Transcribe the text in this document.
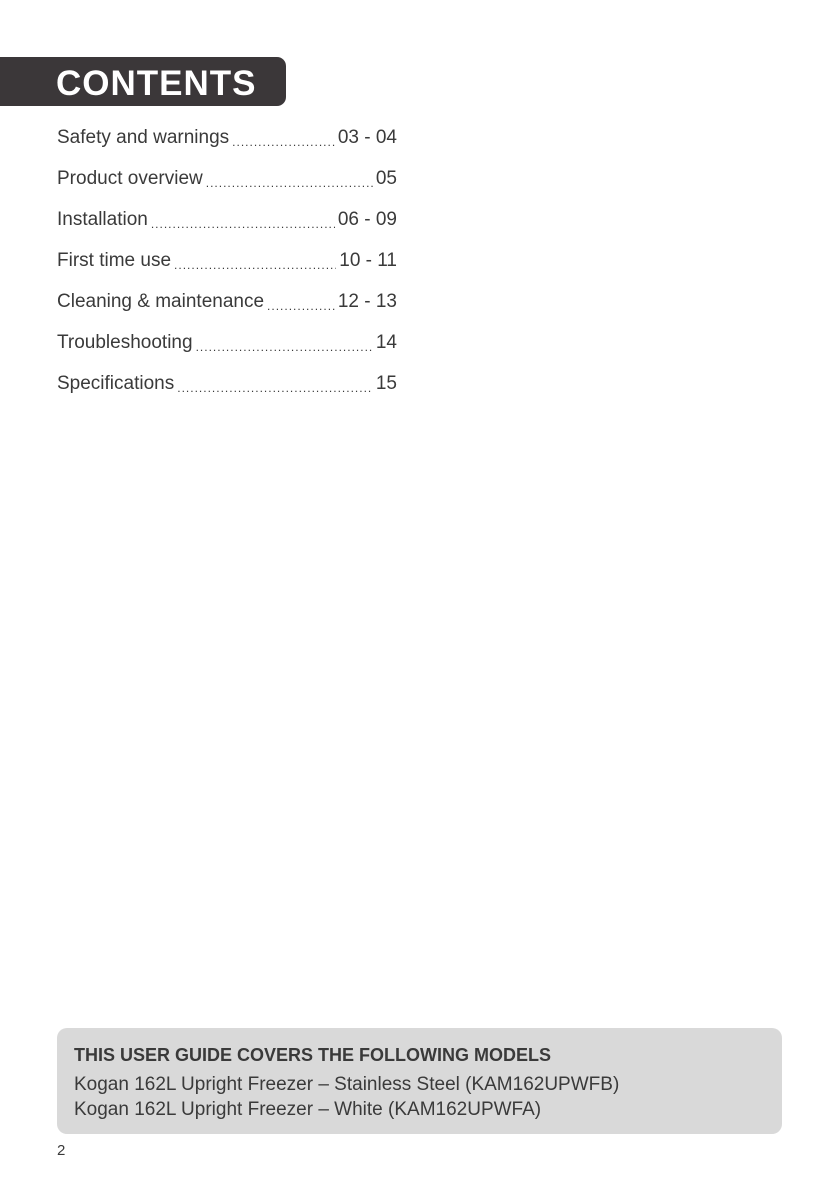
CONTENTS
Safety and warnings .....	03 - 04
Product overview .....	05
Installation .....	06 - 09
First time use .....	10 - 11
Cleaning & maintenance .....	12 - 13
Troubleshooting .....	14
Specifications .....	15
THIS USER GUIDE COVERS THE FOLLOWING MODELS
Kogan 162L Upright Freezer – Stainless Steel (KAM162UPWFB)
Kogan 162L Upright Freezer – White (KAM162UPWFA)
2
